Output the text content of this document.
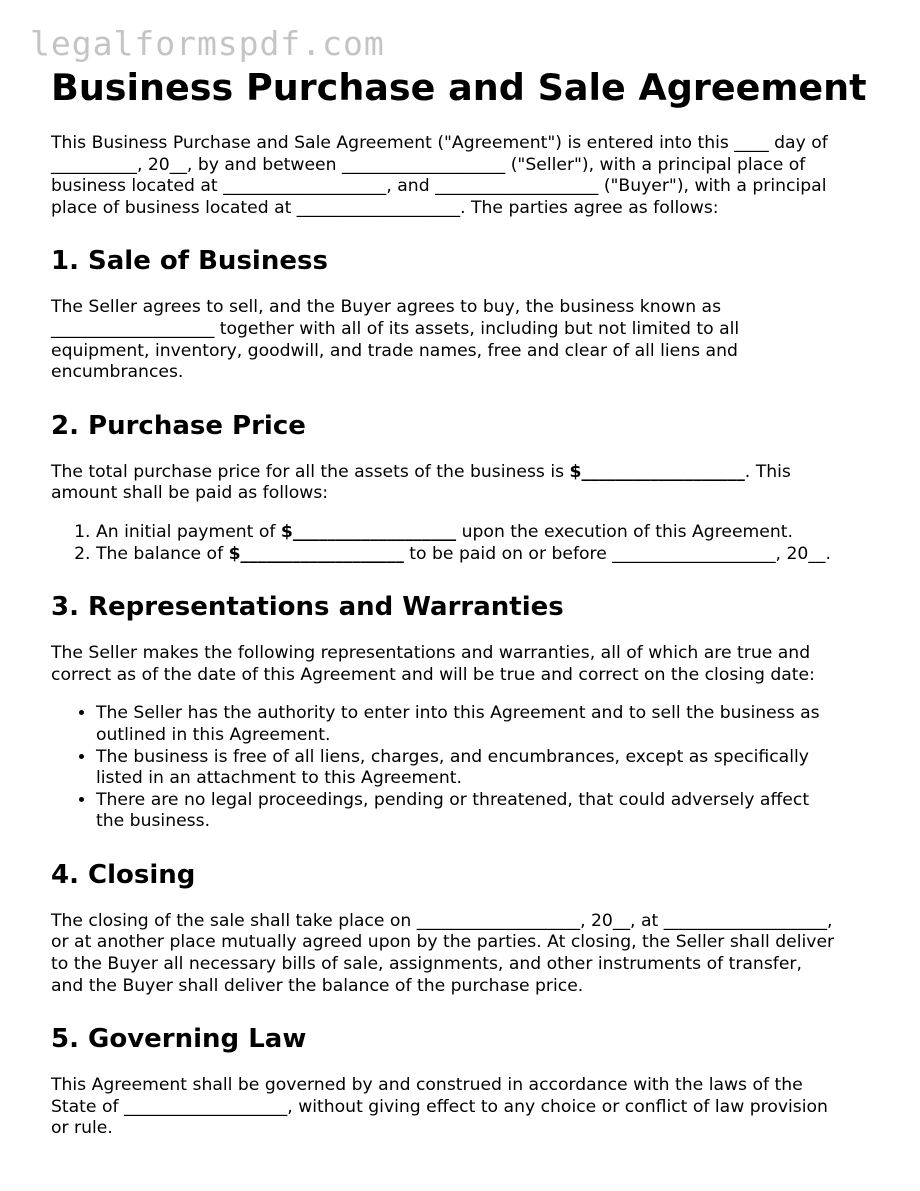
legalformspdf.com
Business Purchase and Sale Agreement

This Business Purchase and Sale Agreement ("Agreement") is entered into this ____ day of
__________, 20__, by and between ___________________ ("Seller"), with a principal place of
business located at ___________________, and ___________________ ("Buyer"), with a principal
place of business located at ___________________. The parties agree as follows:

1. Sale of Business

The Seller agrees to sell, and the Buyer agrees to buy, the business known as
___________________ together with all of its assets, including but not limited to all
equipment, inventory, goodwill, and trade names, free and clear of all liens and
encumbrances.

2. Purchase Price

The total purchase price for all the assets of the business is $___________________. This
amount shall be paid as follows:

1. An initial payment of $___________________ upon the execution of this Agreement.
2. The balance of $___________________ to be paid on or before ___________________, 20__.
3. Representations and Warranties

The Seller makes the following representations and warranties, all of which are true and
correct as of the date of this Agreement and will be true and correct on the closing date:

• The Seller has the authority to enter into this Agreement and to sell the business as
outlined in this Agreement.
• The business is free of all liens, charges, and encumbrances, except as specifically
listed in an attachment to this Agreement.
• There are no legal proceedings, pending or threatened, that could adversely affect
the business.
4. Closing

The closing of the sale shall take place on ___________________, 20__, at ___________________,
or at another place mutually agreed upon by the parties. At closing, the Seller shall deliver
to the Buyer all necessary bills of sale, assignments, and other instruments of transfer,
and the Buyer shall deliver the balance of the purchase price.

5. Governing Law

This Agreement shall be governed by and construed in accordance with the laws of the
State of ___________________, without giving effect to any choice or conflict of law provision
or rule.
